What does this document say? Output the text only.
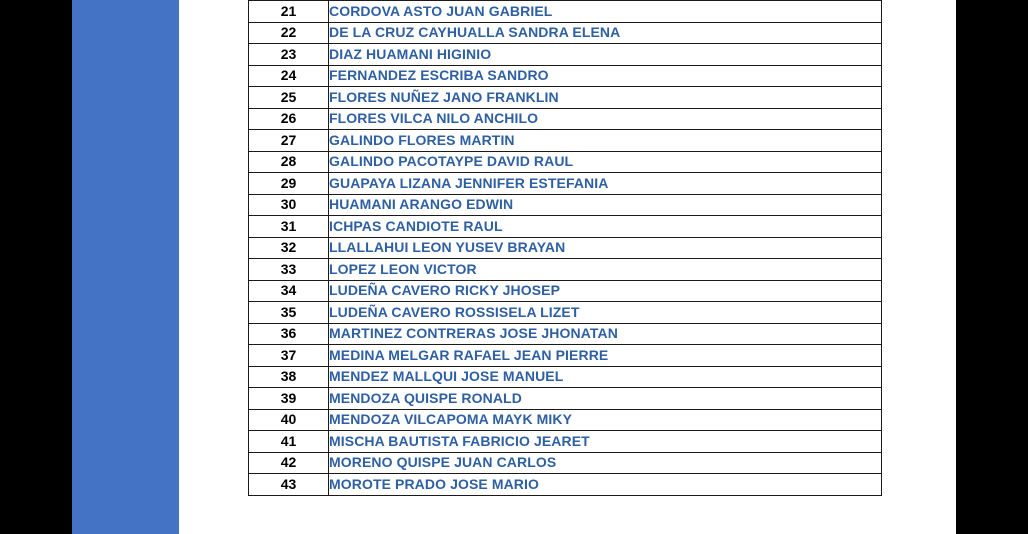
21	CORDOVA ASTO JUAN GABRIEL
22	DE LA CRUZ CAYHUALLA SANDRA ELENA
23	DIAZ HUAMANI HIGINIO
24	FERNANDEZ ESCRIBA SANDRO
25	FLORES NUÑEZ JANO FRANKLIN
26	FLORES VILCA NILO ANCHILO
27	GALINDO FLORES MARTIN
28	GALINDO PACOTAYPE DAVID RAUL
29	GUAPAYA LIZANA JENNIFER ESTEFANIA
30	HUAMANI ARANGO EDWIN
31	ICHPAS CANDIOTE RAUL
32	LLALLAHUI LEON YUSEV BRAYAN
33	LOPEZ LEON VICTOR
34	LUDEÑA CAVERO RICKY JHOSEP
35	LUDEÑA CAVERO ROSSISELA LIZET
36	MARTINEZ CONTRERAS JOSE JHONATAN
37	MEDINA MELGAR RAFAEL JEAN PIERRE
38	MENDEZ MALLQUI JOSE MANUEL
39	MENDOZA QUISPE RONALD
40	MENDOZA VILCAPOMA MAYK MIKY
41	MISCHA BAUTISTA FABRICIO JEARET
42	MORENO QUISPE JUAN CARLOS
43	MOROTE PRADO JOSE MARIO
